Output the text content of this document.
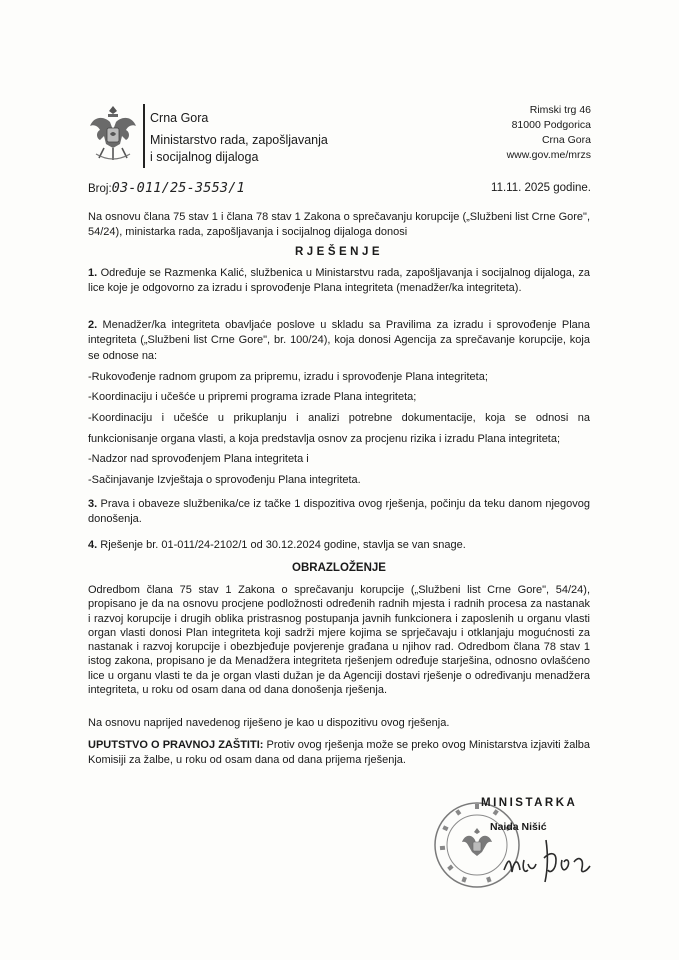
Crna Gora
Ministarstvo rada, zapošljavanja
i socijalnog dijaloga
Rimski trg 46
81000 Podgorica
Crna Gora
www.gov.me/mrzs
Broj:03-011/25-3553/1	11.11. 2025 godine.

Na osnovu člana 75 stav 1 i člana 78 stav 1 Zakona o sprečavanju korupcije („Službeni list Crne Gore", 54/24), ministarka rada, zapošljavanja i socijalnog dijaloga donosi

RJEŠENJE

1. Određuje se Razmenka Kalić, službenica u Ministarstvu rada, zapošljavanja i socijalnog dijaloga, za lice koje je odgovorno za izradu i sprovođenje Plana integriteta (menadžer/ka integriteta).

2. Menadžer/ka integriteta obavljaće poslove u skladu sa Pravilima za izradu i sprovođenje Plana integriteta („Službeni list Crne Gore", br. 100/24), koja donosi Agencija za sprečavanje korupcije, koja se odnose na:

-Rukovođenje radnom grupom za pripremu, izradu i sprovođenje Plana integriteta;
-Koordinaciju i učešće u pripremi programa izrade Plana integriteta;
-Koordinaciju i učešće u prikuplanju i analizi potrebne dokumentacije, koja se odnosi na
funkcionisanje organa vlasti, a koja predstavlja osnov za procjenu rizika i izradu Plana integriteta;
-Nadzor nad sprovođenjem Plana integriteta i
-Sačinjavanje Izvještaja o sprovođenju Plana integriteta.

3. Prava i obaveze službenika/ce iz tačke 1 dispozitiva ovog rješenja, počinju da teku danom njegovog donošenja.

4. Rješenje br. 01-011/24-2102/1 od 30.12.2024 godine, stavlja se van snage.

OBRAZLOŽENJE

Odredbom člana 75 stav 1 Zakona o sprečavanju korupcije („Službeni list Crne Gore", 54/24), propisano je da na osnovu procjene podložnosti određenih radnih mjesta i radnih procesa za nastanak i razvoj korupcije i drugih oblika pristrasnog postupanja javnih funkcionera i zaposlenih u organu vlasti organ vlasti donosi Plan integriteta koji sadrži mjere kojima se sprječavaju i otklanjaju mogućnosti za nastanak i razvoj korupcije i obezbjeđuje povjerenje građana u njihov rad. Odredbom člana 78 stav 1 istog zakona, propisano je da Menadžera integriteta rješenjem određuje starješina, odnosno ovlašćeno lice u organu vlasti te da je organ vlasti dužan je da Agenciji dostavi rješenje o određivanju menadžera integriteta, u roku od osam dana od dana donošenja rješenja.

Na osnovu naprijed navedenog riješeno je kao u dispozitivu ovog rješenja.

UPUTSTVO O PRAVNOJ ZAŠTITI: Protiv ovog rješenja može se preko ovog Ministarstva izjaviti žalba Komisiji za žalbe, u roku od osam dana od dana prijema rješenja.

MINISTARKA
Naida Nišić
